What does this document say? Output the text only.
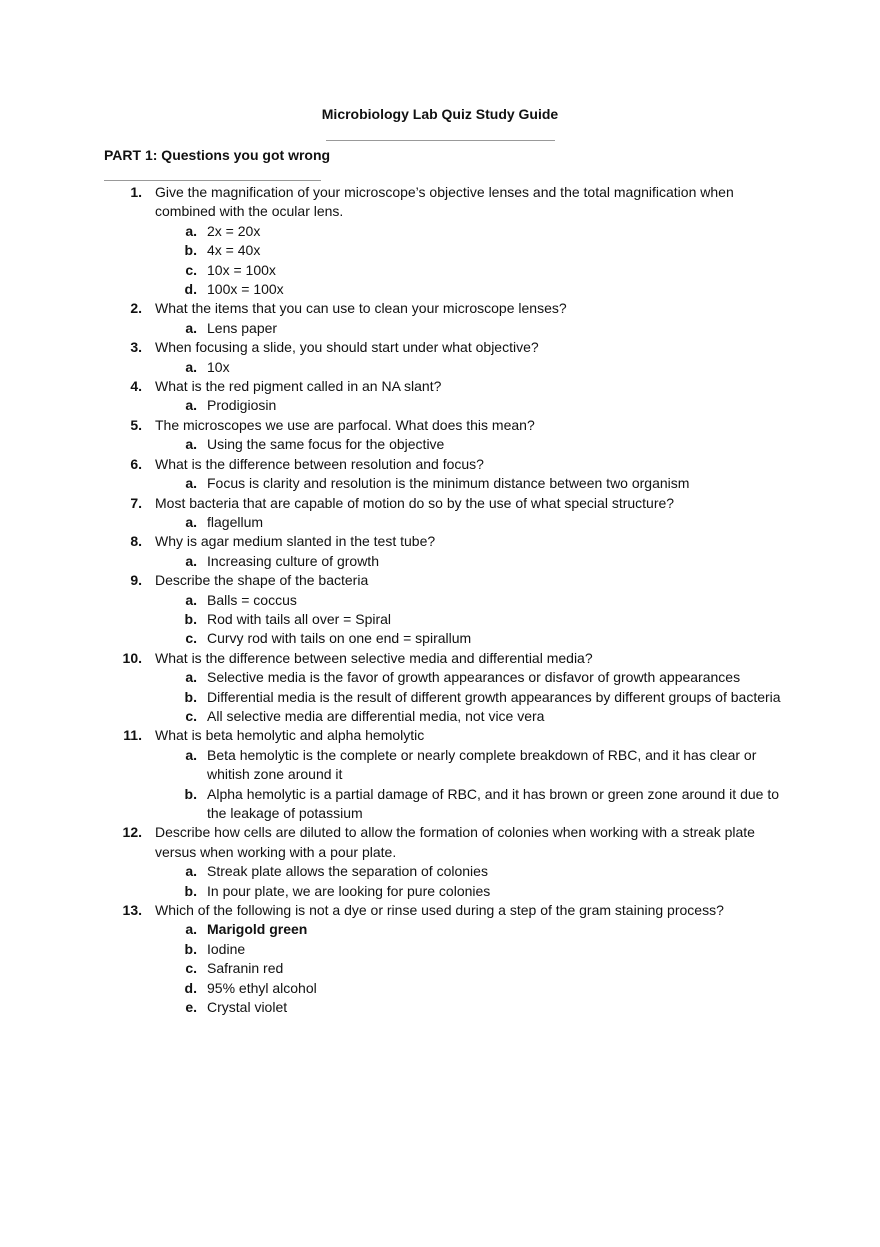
Microbiology Lab Quiz Study Guide
PART 1: Questions you got wrong
1. Give the magnification of your microscope’s objective lenses and the total magnification when combined with the ocular lens.
a. 2x = 20x
b. 4x = 40x
c. 10x = 100x
d. 100x = 100x
2. What the items that you can use to clean your microscope lenses?
a. Lens paper
3. When focusing a slide, you should start under what objective?
a. 10x
4. What is the red pigment called in an NA slant?
a. Prodigiosin
5. The microscopes we use are parfocal. What does this mean?
a. Using the same focus for the objective
6. What is the difference between resolution and focus?
a. Focus is clarity and resolution is the minimum distance between two organism
7. Most bacteria that are capable of motion do so by the use of what special structure?
a. flagellum
8. Why is agar medium slanted in the test tube?
a. Increasing culture of growth
9. Describe the shape of the bacteria
a. Balls = coccus
b. Rod with tails all over = Spiral
c. Curvy rod with tails on one end = spirallum
10. What is the difference between selective media and differential media?
a. Selective media is the favor of growth appearances or disfavor of growth appearances
b. Differential media is the result of different growth appearances by different groups of bacteria
c. All selective media are differential media, not vice vera
11. What is beta hemolytic and alpha hemolytic
a. Beta hemolytic is the complete or nearly complete breakdown of RBC, and it has clear or whitish zone around it
b. Alpha hemolytic is a partial damage of RBC, and it has brown or green zone around it due to the leakage of potassium
12. Describe how cells are diluted to allow the formation of colonies when working with a streak plate versus when working with a pour plate.
a. Streak plate allows the separation of colonies
b. In pour plate, we are looking for pure colonies
13. Which of the following is not a dye or rinse used during a step of the gram staining process?
a. Marigold green
b. Iodine
c. Safranin red
d. 95% ethyl alcohol
e. Crystal violet
